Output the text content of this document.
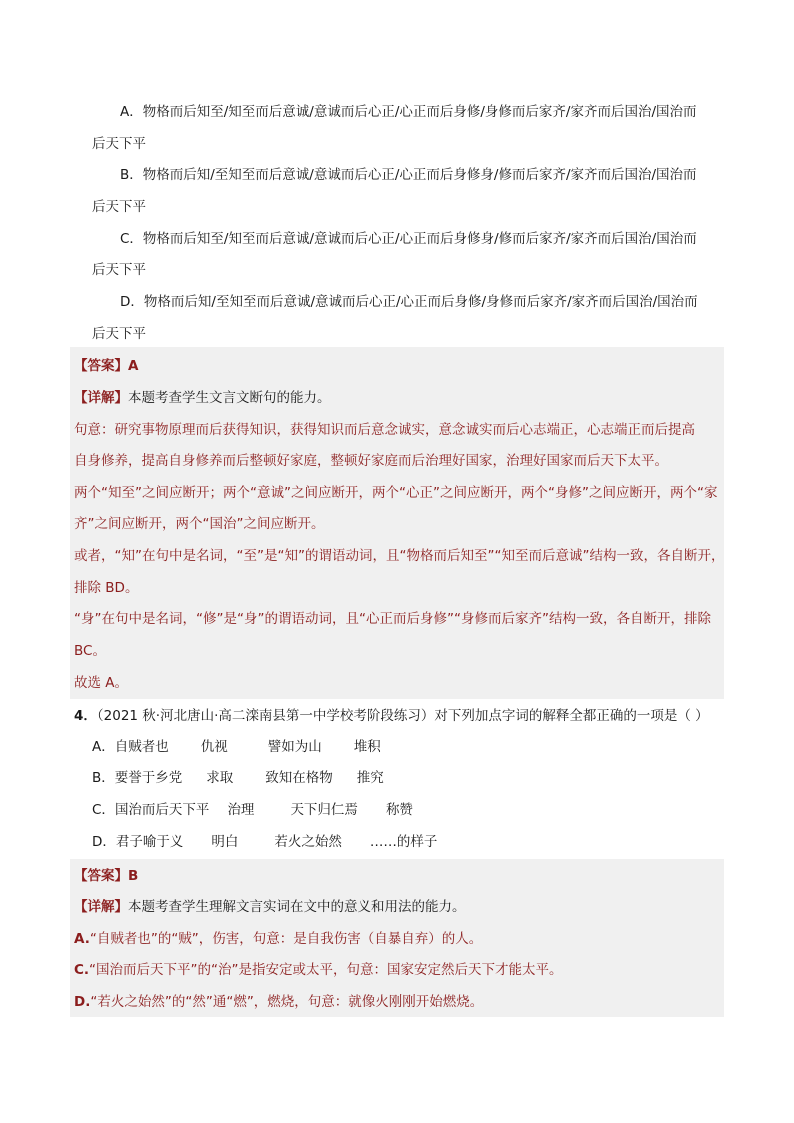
A．物格而后知至/知至而后意诚/意诚而后心正/心正而后身修/身修而后家齐/家齐而后国治/国治而
后天下平
B．物格而后知/至知至而后意诚/意诚而后心正/心正而后身修身/修而后家齐/家齐而后国治/国治而
后天下平
C．物格而后知至/知至而后意诚/意诚而后心正/心正而后身修身/修而后家齐/家齐而后国治/国治而
后天下平
D．物格而后知/至知至而后意诚/意诚而后心正/心正而后身修/身修而后家齐/家齐而后国治/国治而
后天下平
【答案】A
【详解】本题考查学生文言文断句的能力。
句意：研究事物原理而后获得知识，获得知识而后意念诚实，意念诚实而后心志端正，心志端正而后提高
自身修养，提高自身修养而后整顿好家庭，整顿好家庭而后治理好国家，治理好国家而后天下太平。
两个“知至”之间应断开；两个“意诚”之间应断开，两个“心正”之间应断开，两个“身修”之间应断开，两个“家
齐”之间应断开，两个“国治”之间应断开。
或者，“知”在句中是名词，“至”是“知”的谓语动词，且“物格而后知至”“知至而后意诚”结构一致，各自断开，
排除 BD。
“身”在句中是名词，“修”是“身”的谓语动词，且“心正而后身修”“身修而后家齐”结构一致，各自断开，排除
BC。
故选 A。
4．（2021 秋·河北唐山·高二滦南县第一中学校考阶段练习）对下列加点字词的解释全都正确的一项是（ ）
A．自贼者也 仇视	譬如为山 堆积
B．要誉于乡党 求取 致知在格物 推究
C．国治而后天下平 治理	天下归仁焉 称赞
D．君子喻于义 明白	若火之始然 ……的样子
【答案】B
【详解】本题考查学生理解文言实词在文中的意义和用法的能力。
A.“自贼者也”的“贼”，伤害，句意：是自我伤害（自暴自弃）的人。
C.“国治而后天下平”的“治”是指安定或太平，句意：国家安定然后天下才能太平。
D.“若火之始然”的“然”通“燃”，燃烧，句意：就像火刚刚开始燃烧。
